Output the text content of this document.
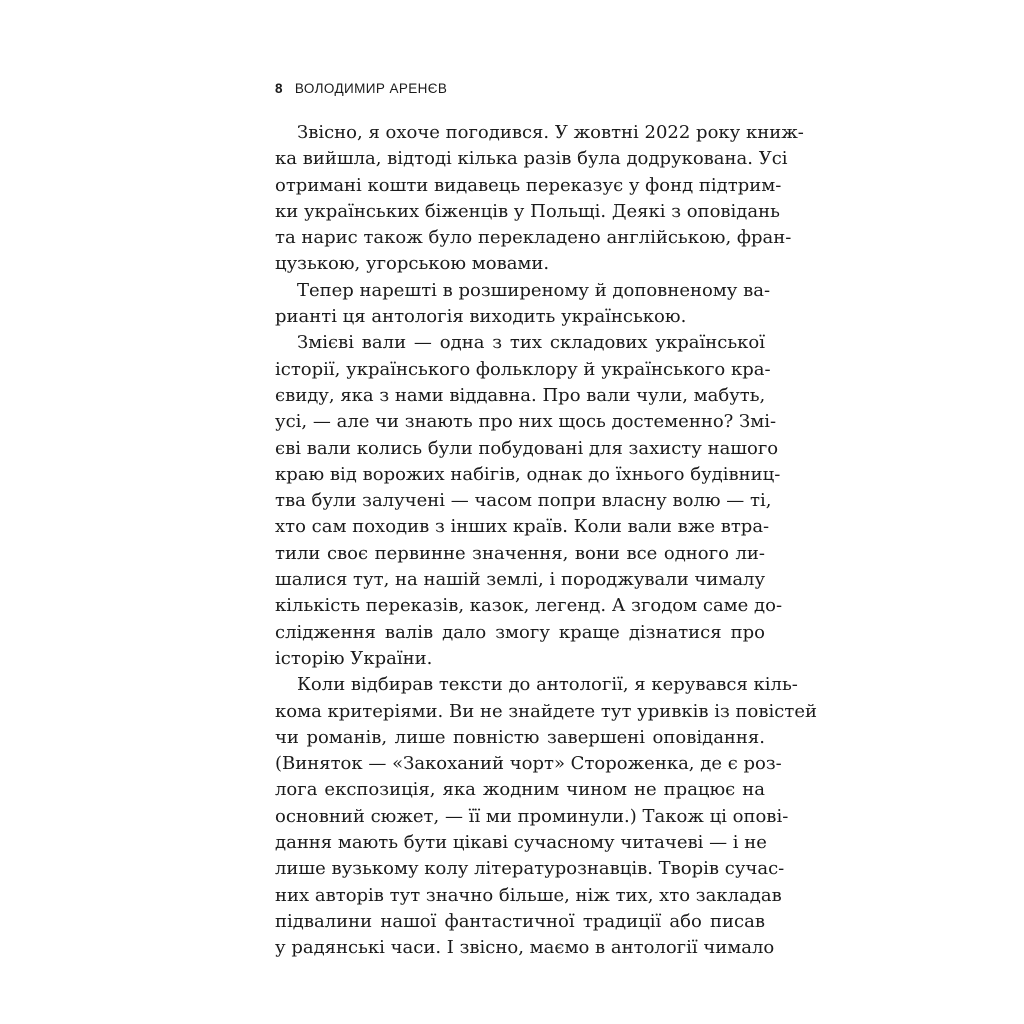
8 ВОЛОДИМИР АРЕНЄВ
Звісно, я охоче погодився. У жовтні 2022 року книж-
ка вийшла, відтоді кілька разів була додрукована. Усі
отримані кошти видавець переказує у фонд підтрим-
ки українських біженців у Польщі. Деякі з оповідань
та нарис також було перекладено англійською, фран-
цузькою, угорською мовами.
Тепер нарешті в розширеному й доповненому ва-
рианті ця антологія виходить українською.
Змієві вали — одна з тих складових української
історії, українського фольклору й українського кра-
євиду, яка з нами віддавна. Про вали чули, мабуть,
усі, — але чи знають про них щось достеменно? Змі-
єві вали колись були побудовані для захисту нашого
краю від ворожих набігів, однак до їхнього будівниц-
тва були залучені — часом попри власну волю — ті,
хто сам походив з інших країв. Коли вали вже втра-
тили своє первинне значення, вони все одного ли-
шалися тут, на нашій землі, і породжували чималу
кількість переказів, казок, легенд. А згодом саме до-
слідження валів дало змогу краще дізнатися про
історію України.
Коли відбирав тексти до антології, я керувався кіль-
кома критеріями. Ви не знайдете тут уривків із повістей
чи романів, лише повністю завершені оповідання.
(Виняток — «Закоханий чорт» Стороженка, де є роз-
лога експозиція, яка жодним чином не працює на
основний сюжет, — її ми проминули.) Також ці опові-
дання мають бути цікаві сучасному читачеві — і не
лише вузькому колу літературознавців. Творів сучас-
них авторів тут значно більше, ніж тих, хто закладав
підвалини нашої фантастичної традиції або писав
у радянські часи. І звісно, маємо в антології чимало
